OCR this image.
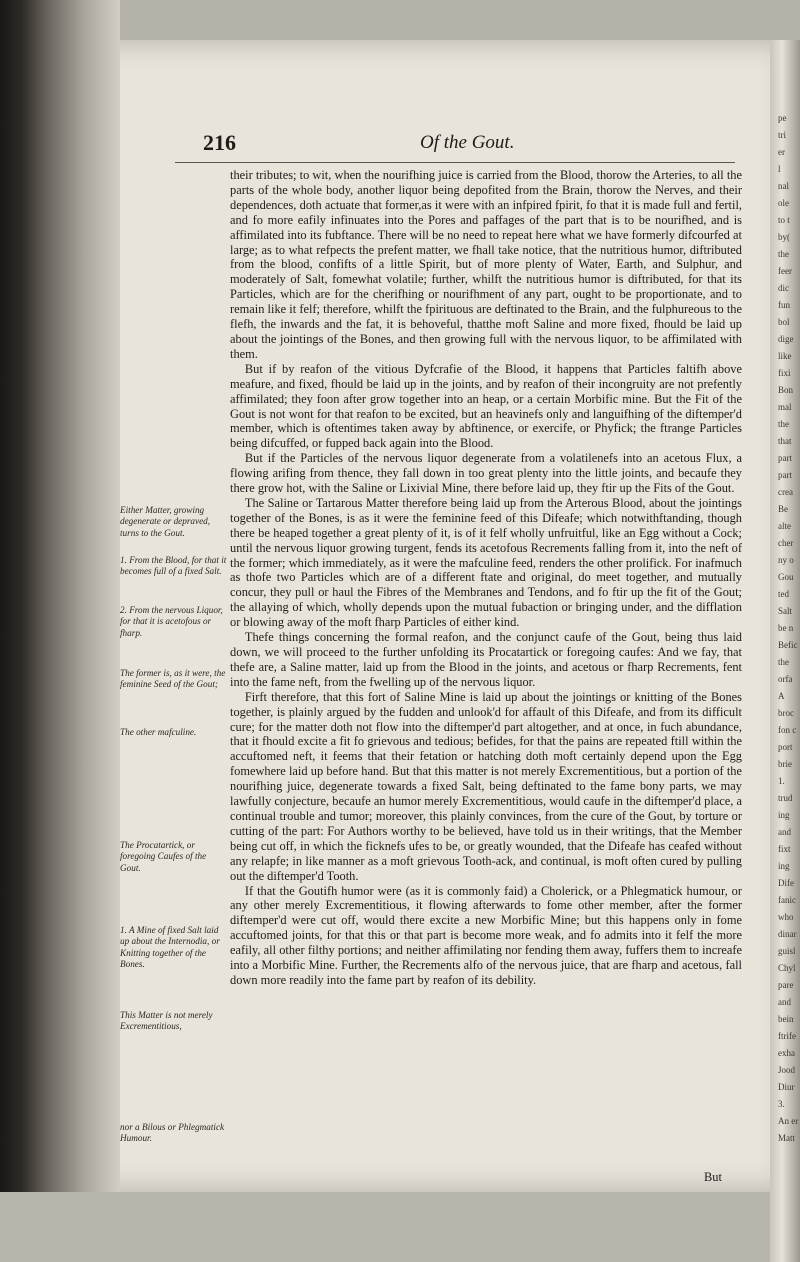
pe
tri
er
l
nal
ole
to t
by(
the
feer
dic
fun
bol
dige
like
fixi
Bon
mal
the
that
part
part
crea
Be
alte
cher
ny o
Gou
ted
Salt
be n
Befic
the
orfa
A
broc
fon c
port
brie
1.
trud
ing
and
fixt
ing
Dife
fanic
who
dinar
guisl
Chyl
pare
and
bein
ftrife
exha
Jood
Diur
3.
An er
Matt
216	Of the Gout.

their tributes; to wit, when the nourifhing juice is carried from the Blood, thorow the Arteries, to all the parts of the whole body, another liquor being depofited from the Brain, thorow the Nerves, and their dependences, doth actuate that former,as it were with an infpired fpirit, fo that it is made full and fertil, and fo more eafily infinuates into the Pores and paffages of the part that is to be nourifhed, and is affimilated into its fubftance. There will be no need to repeat here what we have formerly difcourfed at large; as to what refpects the prefent matter, we fhall take notice, that the nutritious humor, diftributed from the blood, confifts of a little Spirit, but of more plenty of Water, Earth, and Sulphur, and moderately of Salt, fomewhat volatile; further, whilft the nutritious humor is diftributed, for that its Particles, which are for the cherifhing or nourifhment of any part, ought to be proportionate, and to remain like it felf; therefore, whilft the fpirituous are deftinated to the Brain, and the fulphureous to the flefh, the inwards and the fat, it is behoveful, thatthe moft Saline and more fixed, fhould be laid up about the jointings of the Bones, and then growing full with the nervous liquor, to be affimilated with them.

But if by reafon of the vitious Dyfcrafie of the Blood, it happens that Particles faltifh above meafure, and fixed, fhould be laid up in the joints, and by reafon of their incongruity are not prefently affimilated; they foon after grow together into an heap, or a certain Morbific mine. But the Fit of the Gout is not wont for that reafon to be excited, but an heavinefs only and languifhing of the diftemper'd member, which is oftentimes taken away by abftinence, or exercife, or Phyfick; the ftrange Particles being difcuffed, or fupped back again into the Blood.

But if the Particles of the nervous liquor degenerate from a volatilenefs into an acetous Flux, a flowing arifing from thence, they fall down in too great plenty into the little joints, and becaufe they there grow hot, with the Saline or Lixivial Mine, there before laid up, they ftir up the Fits of the Gout.

The Saline or Tartarous Matter therefore being laid up from the Arterous Blood, about the jointings together of the Bones, is as it were the feminine feed of this Difeafe; which notwithftanding, though there be heaped together a great plenty of it, is of it felf wholly unfruitful, like an Egg without a Cock; until the nervous liquor growing turgent, fends its acetofous Recrements falling from it, into the neft of the former; which immediately, as it were the mafculine feed, renders the other prolifick. For inafmuch as thofe two Particles which are of a different ftate and original, do meet together, and mutually concur, they pull or haul the Fibres of the Membranes and Tendons, and fo ftir up the fit of the Gout; the allaying of which, wholly depends upon the mutual fubaction or bringing under, and the difflation or blowing away of the moft fharp Particles of either kind.

Thefe things concerning the formal reafon, and the conjunct caufe of the Gout, being thus laid down, we will proceed to the further unfolding its Procatartick or foregoing caufes: And we fay, that thefe are, a Saline matter, laid up from the Blood in the joints, and acetous or fharp Recrements, fent into the fame neft, from the fwelling up of the nervous liquor.

Firft therefore, that this fort of Saline Mine is laid up about the jointings or knitting of the Bones together, is plainly argued by the fudden and unlook'd for affault of this Difeafe, and from its difficult cure; for the matter doth not flow into the diftemper'd part altogether, and at once, in fuch abundance, that it fhould excite a fit fo grievous and tedious; befides, for that the pains are repeated ftill within the accuftomed neft, it feems that their fetation or hatching doth moft certainly depend upon the Egg fomewhere laid up before hand. But that this matter is not merely Excrementitious, but a portion of the nourifhing juice, degenerate towards a fixed Salt, being deftinated to the fame bony parts, we may lawfully conjecture, becaufe an humor merely Excrementitious, would caufe in the diftemper'd place, a continual trouble and tumor; moreover, this plainly convinces, from the cure of the Gout, by torture or cutting of the part: For Authors worthy to be believed, have told us in their writings, that the Member being cut off, in which the ficknefs ufes to be, or greatly wounded, that the Difeafe has ceafed without any relapfe; in like manner as a moft grievous Tooth-ack, and continual, is moft often cured by pulling out the diftemper'd Tooth.

If that the Goutifh humor were (as it is commonly faid) a Cholerick, or a Phlegmatick humour, or any other merely Excrementitious, it flowing afterwards to fome other member, after the former diftemper'd were cut off, would there excite a new Morbific Mine; but this happens only in fome accuftomed joints, for that this or that part is become more weak, and fo admits into it felf the more eafily, all other filthy portions; and neither affimilating nor fending them away, fuffers them to increafe into a Morbific Mine. Further, the Recrements alfo of the nervous juice, that are fharp and acetous, fall down more readily into the fame part by reafon of its debility.

Either Matter, growing degenerate or depraved, turns to the Gout.
1. From the Blood, for that it becomes full of a fixed Salt.
2. From the nervous Liquor, for that it is acetofous or fharp.
The former is, as it were, the feminine Seed of the Gout;
The other mafculine.
The Procatartick, or foregoing Caufes of the Gout.
1. A Mine of fixed Salt laid up about the Internodia, or Knitting together of the Bones.
This Matter is not merely Excrementitious,
nor a Bilous or Phlegmatick Humour.
But
